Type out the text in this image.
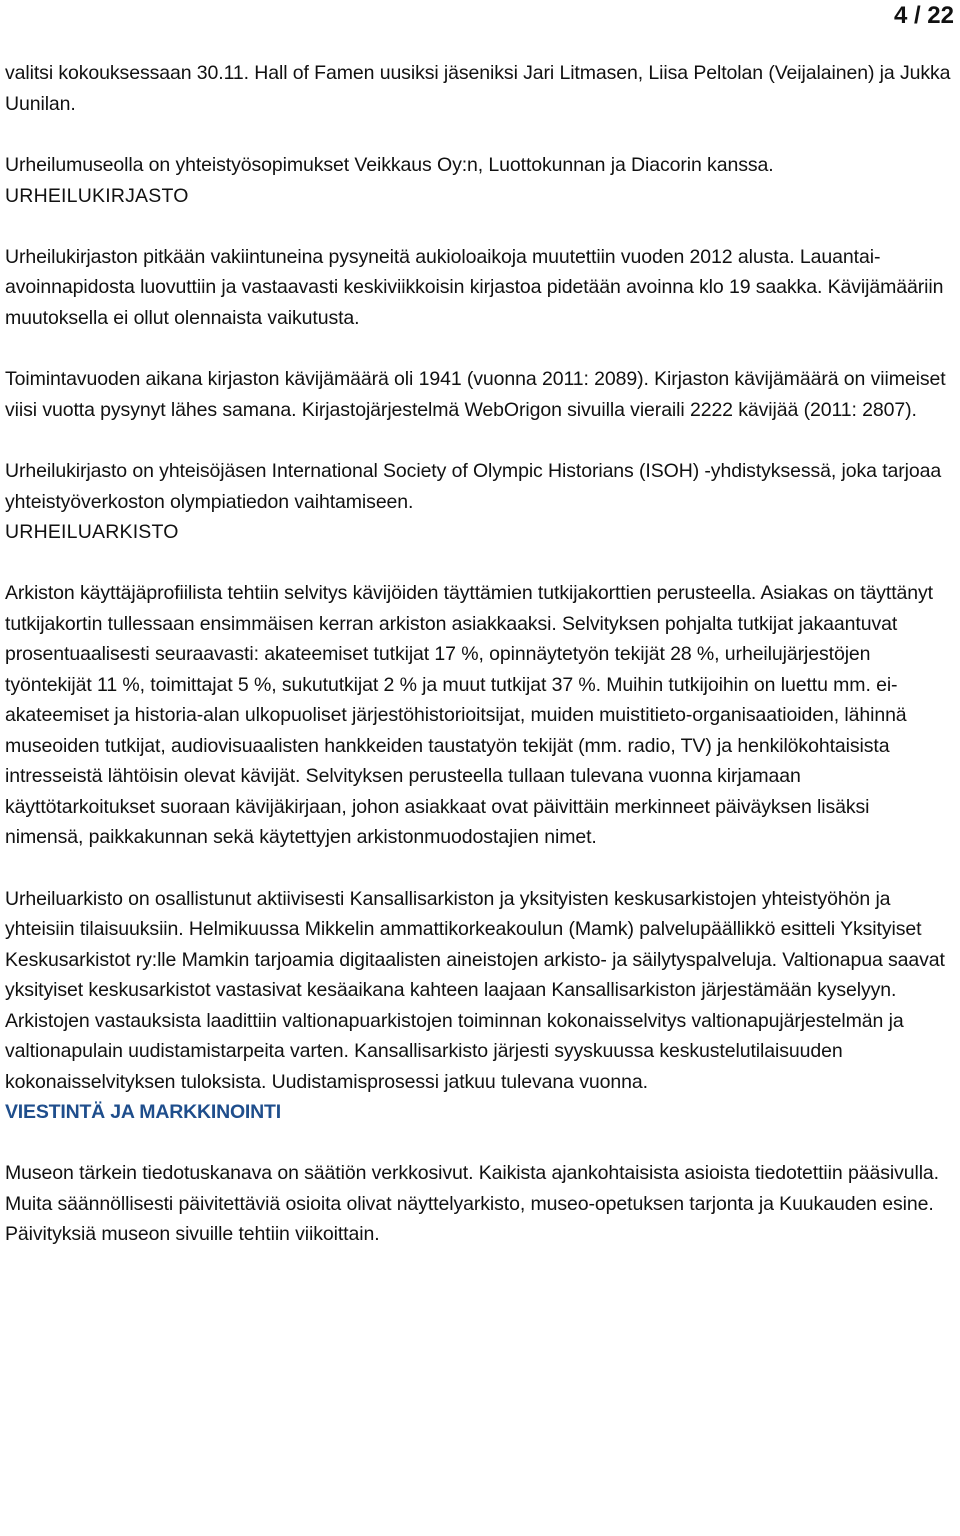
4 / 22

valitsi kokouksessaan 30.11. Hall of Famen uusiksi jäseniksi Jari Litmasen, Liisa Peltolan (Veijalainen) ja Jukka Uunilan.

Urheilumuseolla on yhteistyösopimukset Veikkaus Oy:n, Luottokunnan ja Diacorin kanssa.

URHEILUKIRJASTO

Urheilukirjaston pitkään vakiintuneina pysyneitä aukioloaikoja muutettiin vuoden 2012 alusta. Lauantai-avoinnapidosta luovuttiin ja vastaavasti keskiviikkoisin kirjastoa pidetään avoinna klo 19 saakka. Kävijämääriin muutoksella ei ollut olennaista vaikutusta.

Toimintavuoden aikana kirjaston kävijämäärä oli 1941 (vuonna 2011: 2089). Kirjaston kävijämäärä on viimeiset viisi vuotta pysynyt lähes samana. Kirjastojärjestelmä WebOrigon sivuilla vieraili 2222 kävijää (2011: 2807).

Urheilukirjasto on yhteisöjäsen International Society of Olympic Historians (ISOH) -yhdistyksessä, joka tarjoaa yhteistyöverkoston olympiatiedon vaihtamiseen.

URHEILUARKISTO

Arkiston käyttäjäprofiilista tehtiin selvitys kävijöiden täyttämien tutkijakorttien perusteella. Asiakas on täyttänyt tutkijakortin tullessaan ensimmäisen kerran arkiston asiakkaaksi. Selvityksen pohjalta tutkijat jakaantuvat prosentuaalisesti seuraavasti: akateemiset tutkijat 17 %, opinnäytetyön tekijät 28 %, urheilujärjestöjen työntekijät 11 %, toimittajat 5 %, sukututkijat 2 % ja muut tutkijat 37 %. Muihin tutkijoihin on luettu mm. ei-akateemiset ja historia-alan ulkopuoliset järjestöhistorioitsijat, muiden muistitieto-organisaatioiden, lähinnä museoiden tutkijat, audiovisuaalisten hankkeiden taustatyön tekijät (mm. radio, TV) ja henkilökohtaisista intresseistä lähtöisin olevat kävijät. Selvityksen perusteella tullaan tulevana vuonna kirjamaan käyttötarkoitukset suoraan kävijäkirjaan, johon asiakkaat ovat päivittäin merkinneet päiväyksen lisäksi nimensä, paikkakunnan sekä käytettyjen arkistonmuodostajien nimet.

Urheiluarkisto on osallistunut aktiivisesti Kansallisarkiston ja yksityisten keskusarkistojen yhteistyöhön ja yhteisiin tilaisuuksiin. Helmikuussa Mikkelin ammattikorkeakoulun (Mamk) palvelupäällikkö esitteli Yksityiset Keskusarkistot ry:lle Mamkin tarjoamia digitaalisten aineistojen arkisto- ja säilytyspalveluja. Valtionapua saavat yksityiset keskusarkistot vastasivat kesäaikana kahteen laajaan Kansallisarkiston järjestämään kyselyyn. Arkistojen vastauksista laadittiin valtionapuarkistojen toiminnan kokonaisselvitys valtionapujärjestelmän ja valtionapulain uudistamistarpeita varten. Kansallisarkisto järjesti syyskuussa keskustelutilaisuuden kokonaisselvityksen tuloksista. Uudistamisprosessi jatkuu tulevana vuonna.

VIESTINTÄ JA MARKKINOINTI

Museon tärkein tiedotuskanava on säätiön verkkosivut. Kaikista ajankohtaisista asioista tiedotettiin pääsivulla. Muita säännöllisesti päivitettäviä osioita olivat näyttelyarkisto, museo-opetuksen tarjonta ja Kuukauden esine. Päivityksiä museon sivuille tehtiin viikoittain.
